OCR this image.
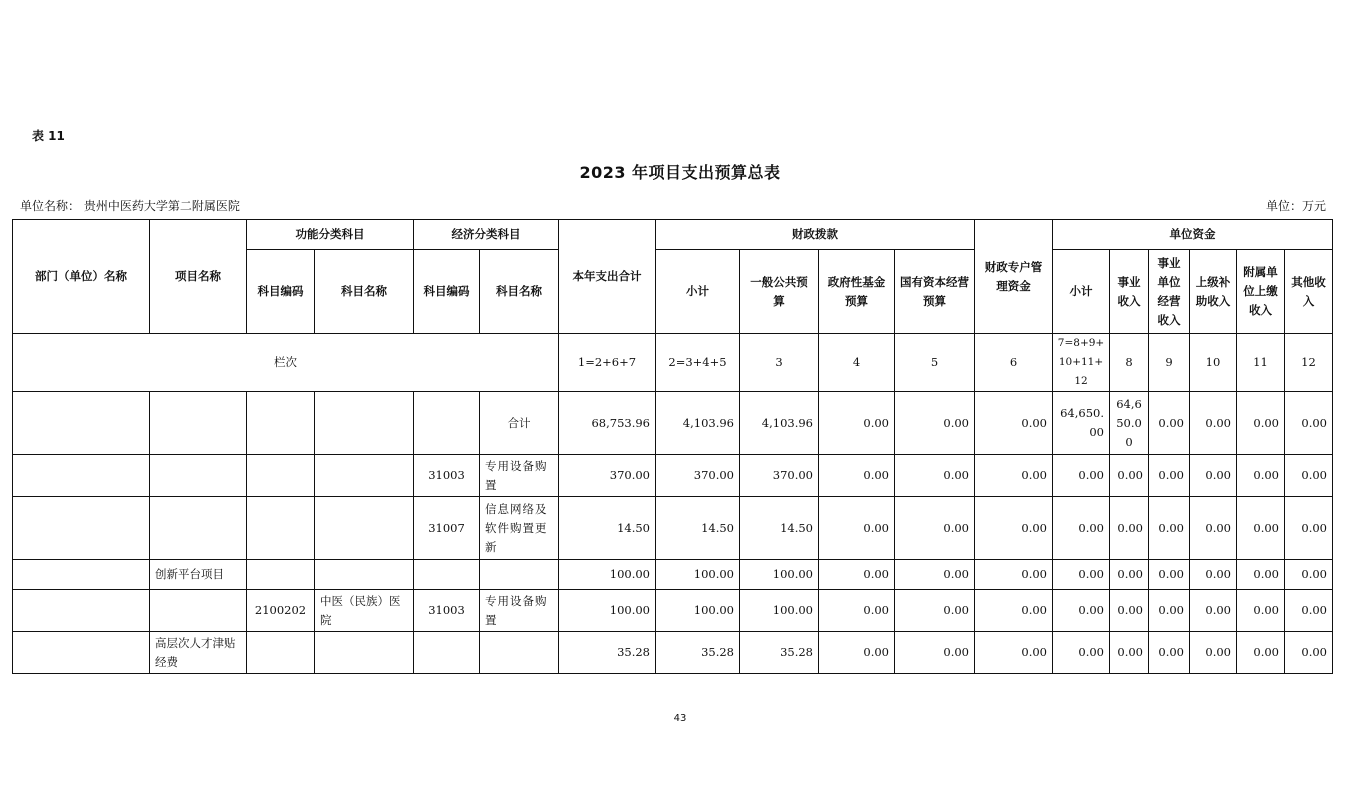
表 11
2023 年项目支出预算总表
单位名称： 贵州中医药大学第二附属医院	单位：万元
部门（单位）名称	项目名称	功能分类科目		经济分类科目		本年支出合计	财政拨款				财政专户管理资金	单位资金					
		科目编码	科目名称	科目编码	科目名称		小计	一般公共预算	政府性基金预算	国有资本经营预算		小计	事业收入	事业单位经营收入	上级补助收入	附属单位上缴收入	其他收入
栏次						1=2+6+7	2=3+4+5	3	4	5	6	7=8+9+10+11+12	8	9	10	11	12
					合计	68,753.96	4,103.96	4,103.96	0.00	0.00	0.00	64,650.00	64,650.00	0.00	0.00	0.00	0.00
				31003	专用设备购置	370.00	370.00	370.00	0.00	0.00	0.00	0.00	0.00	0.00	0.00	0.00	0.00
				31007	信息网络及软件购置更新	14.50	14.50	14.50	0.00	0.00	0.00	0.00	0.00	0.00	0.00	0.00	0.00
	创新平台项目					100.00	100.00	100.00	0.00	0.00	0.00	0.00	0.00	0.00	0.00	0.00	0.00
		2100202	中医（民族）医院	31003	专用设备购置	100.00	100.00	100.00	0.00	0.00	0.00	0.00	0.00	0.00	0.00	0.00	0.00
	高层次人才津贴经费					35.28	35.28	35.28	0.00	0.00	0.00	0.00	0.00	0.00	0.00	0.00	0.00
43
